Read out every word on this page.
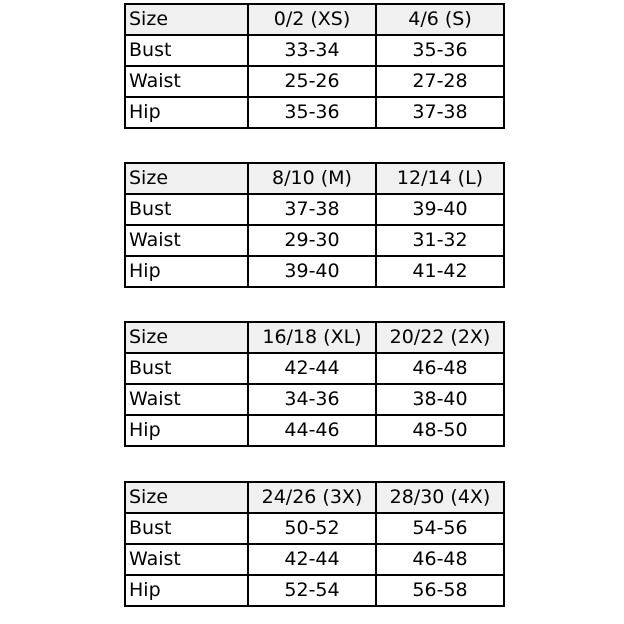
Size	0/2 (XS)	4/6 (S)
Bust	33-34	35-36
Waist	25-26	27-28
Hip	35-36	37-38
Size	8/10 (M)	12/14 (L)
Bust	37-38	39-40
Waist	29-30	31-32
Hip	39-40	41-42
Size	16/18 (XL)	20/22 (2X)
Bust	42-44	46-48
Waist	34-36	38-40
Hip	44-46	48-50
Size	24/26 (3X)	28/30 (4X)
Bust	50-52	54-56
Waist	42-44	46-48
Hip	52-54	56-58
